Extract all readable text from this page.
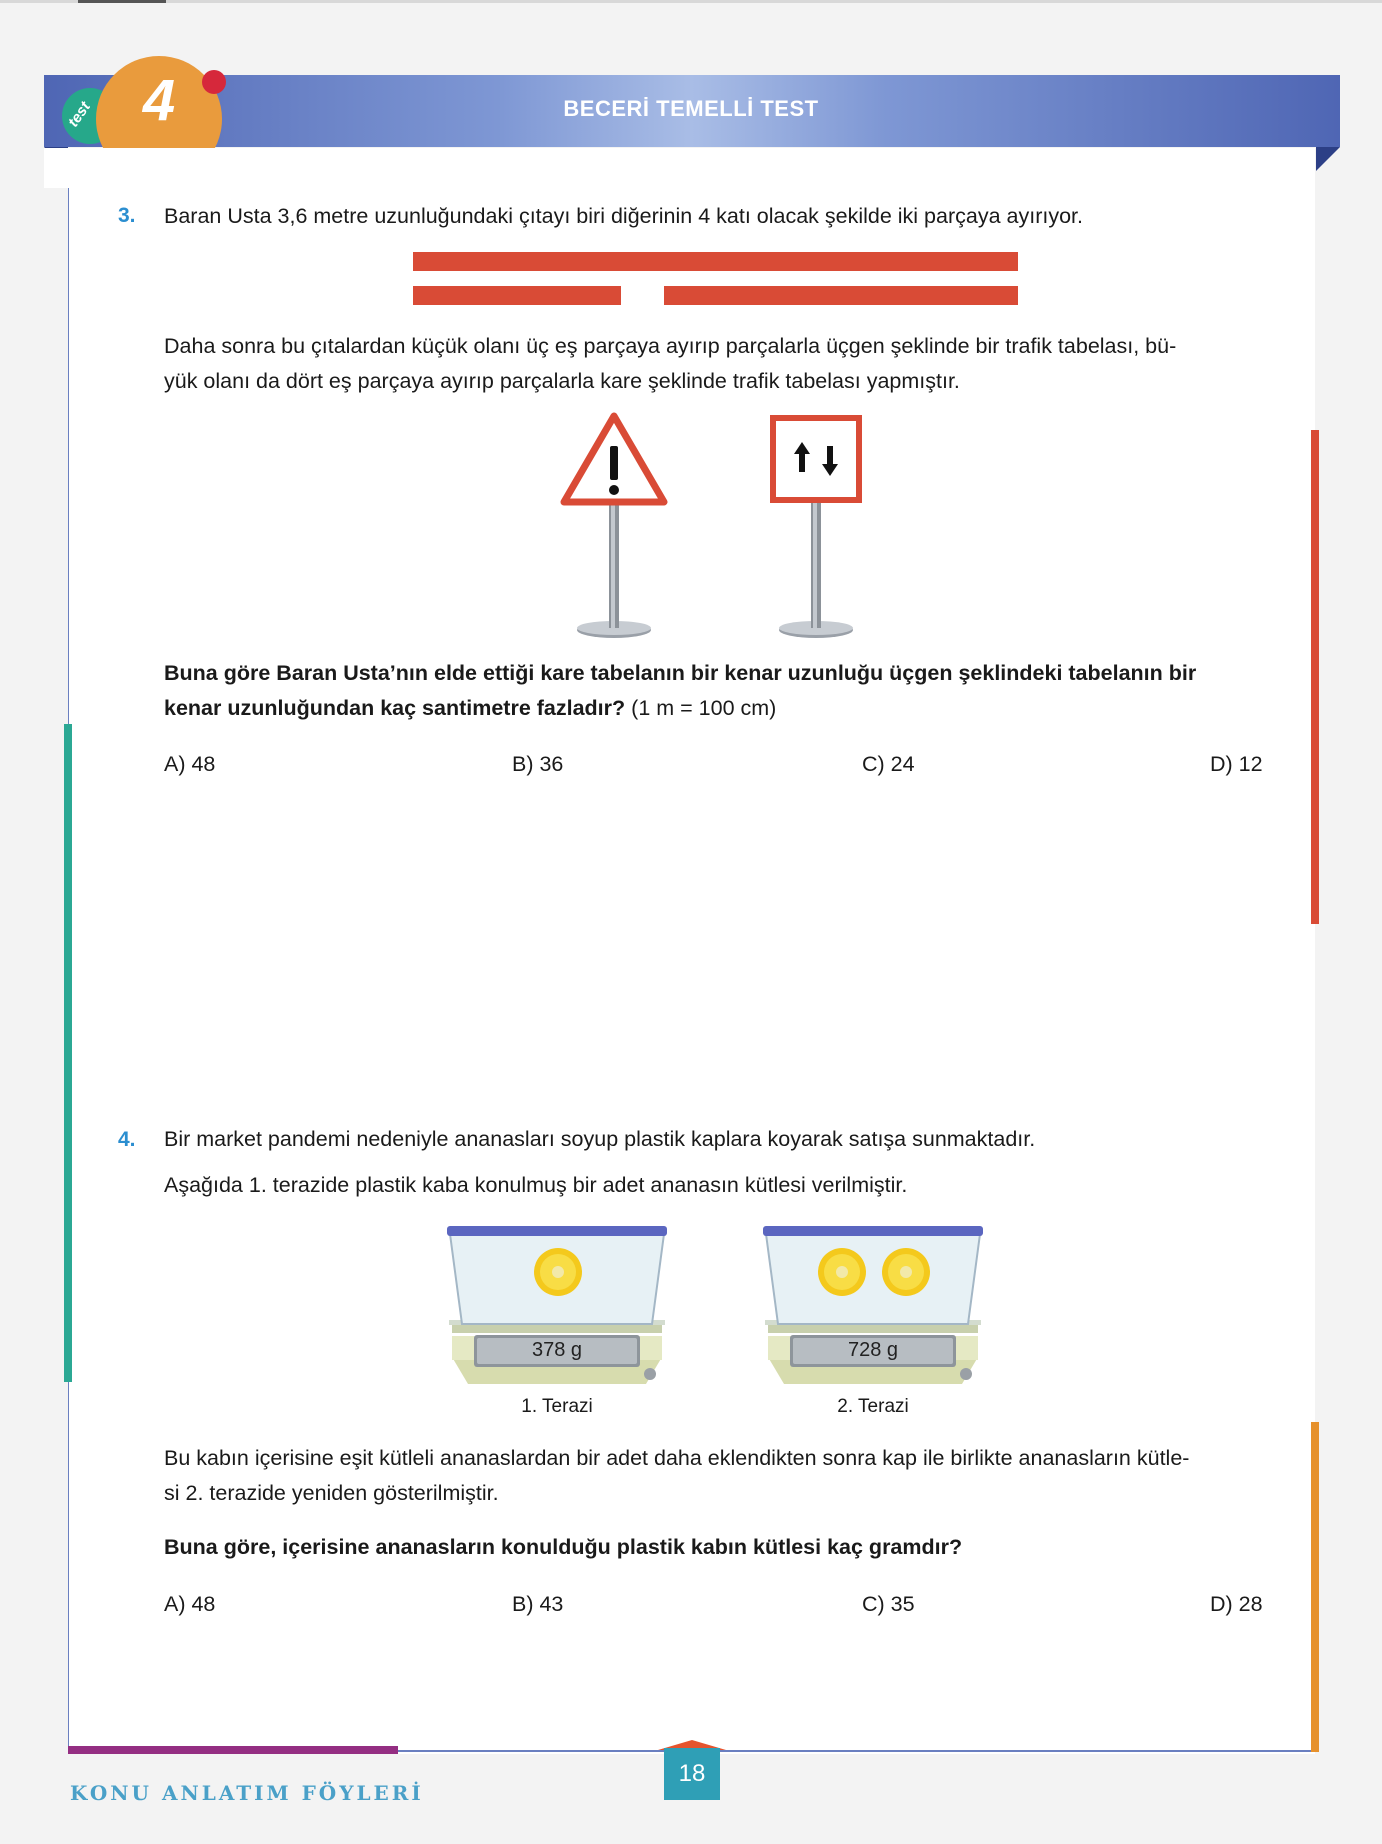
BECERİ TEMELLİ TEST
test 4
3. Baran Usta 3,6 metre uzunluğundaki çıtayı biri diğerinin 4 katı olacak şekilde iki parçaya ayırıyor.
Daha sonra bu çıtalardan küçük olanı üç eş parçaya ayırıp parçalarla üçgen şeklinde bir trafik tabelası, bü-
yük olanı da dört eş parçaya ayırıp parçalarla kare şeklinde trafik tabelası yapmıştır.
Buna göre Baran Usta’nın elde ettiği kare tabelanın bir kenar uzunluğu üçgen şeklindeki tabelanın bir
kenar uzunluğundan kaç santimetre fazladır? (1 m = 100 cm)
A) 48	B) 36	C) 24	D) 12
4. Bir market pandemi nedeniyle ananasları soyup plastik kaplara koyarak satışa sunmaktadır.
Aşağıda 1. terazide plastik kaba konulmuş bir adet ananasın kütlesi verilmiştir.
378 g
1. Terazi
728 g
2. Terazi
Bu kabın içerisine eşit kütleli ananaslardan bir adet daha eklendikten sonra kap ile birlikte ananasların kütle-
si 2. terazide yeniden gösterilmiştir.
Buna göre, içerisine ananasların konulduğu plastik kabın kütlesi kaç gramdır?
A) 48	B) 43	C) 35	D) 28
KONU ANLATIM FÖYLERİ
18
